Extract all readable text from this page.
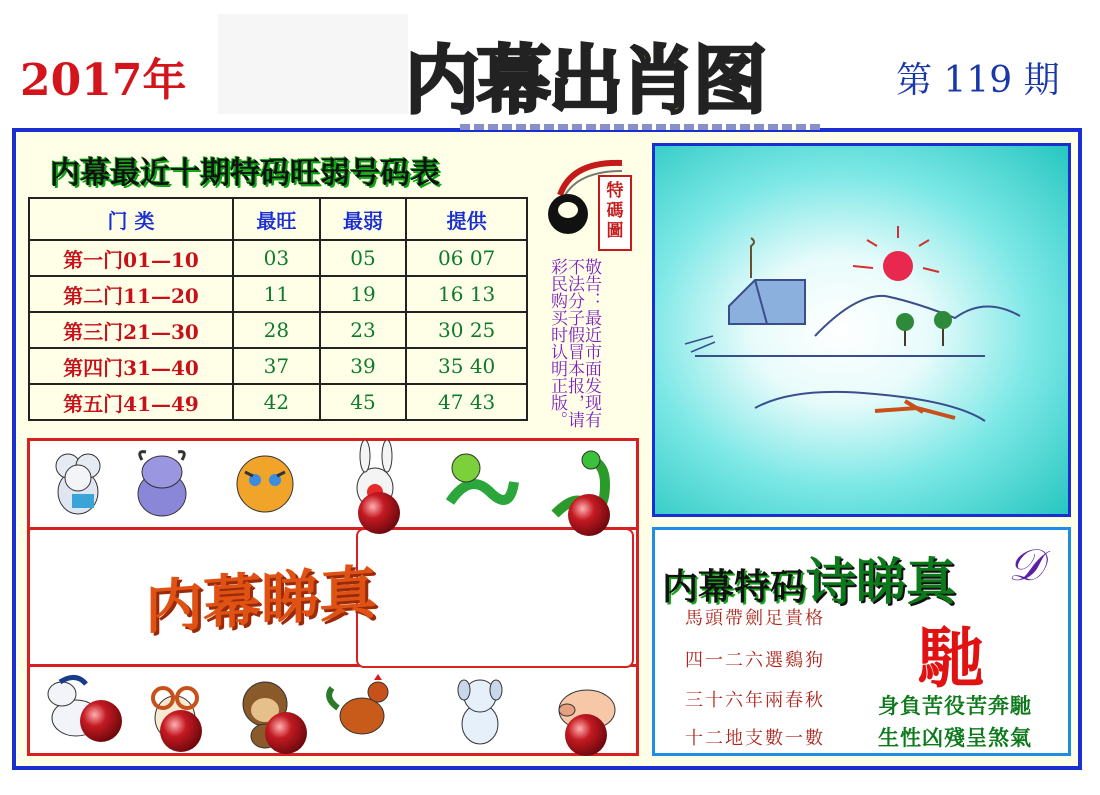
2017年	内 幕 出 肖 图	第 119 期
内幕最近十期特码旺弱号码表
门 类	最旺	最弱	提供
第一门01—10	03	05	06 07
第二门11—20	11	19	16 13
第三门21—30	28	23	30 25
第四门31—40	37	39	35 40
第五门41—49	42	45	47 43
特碼圖
敬告：最近市面发现有不法分子假冒本报，请彩民购买时认明正版。
内幕睇真	内幕特码诗睇真 𝒟
馬頭帶劍足貴格
四一二六選鷄狗
三十六年兩春秋
十二地支數一數
馳
身負苦役苦奔馳
生性凶殘呈煞氣
